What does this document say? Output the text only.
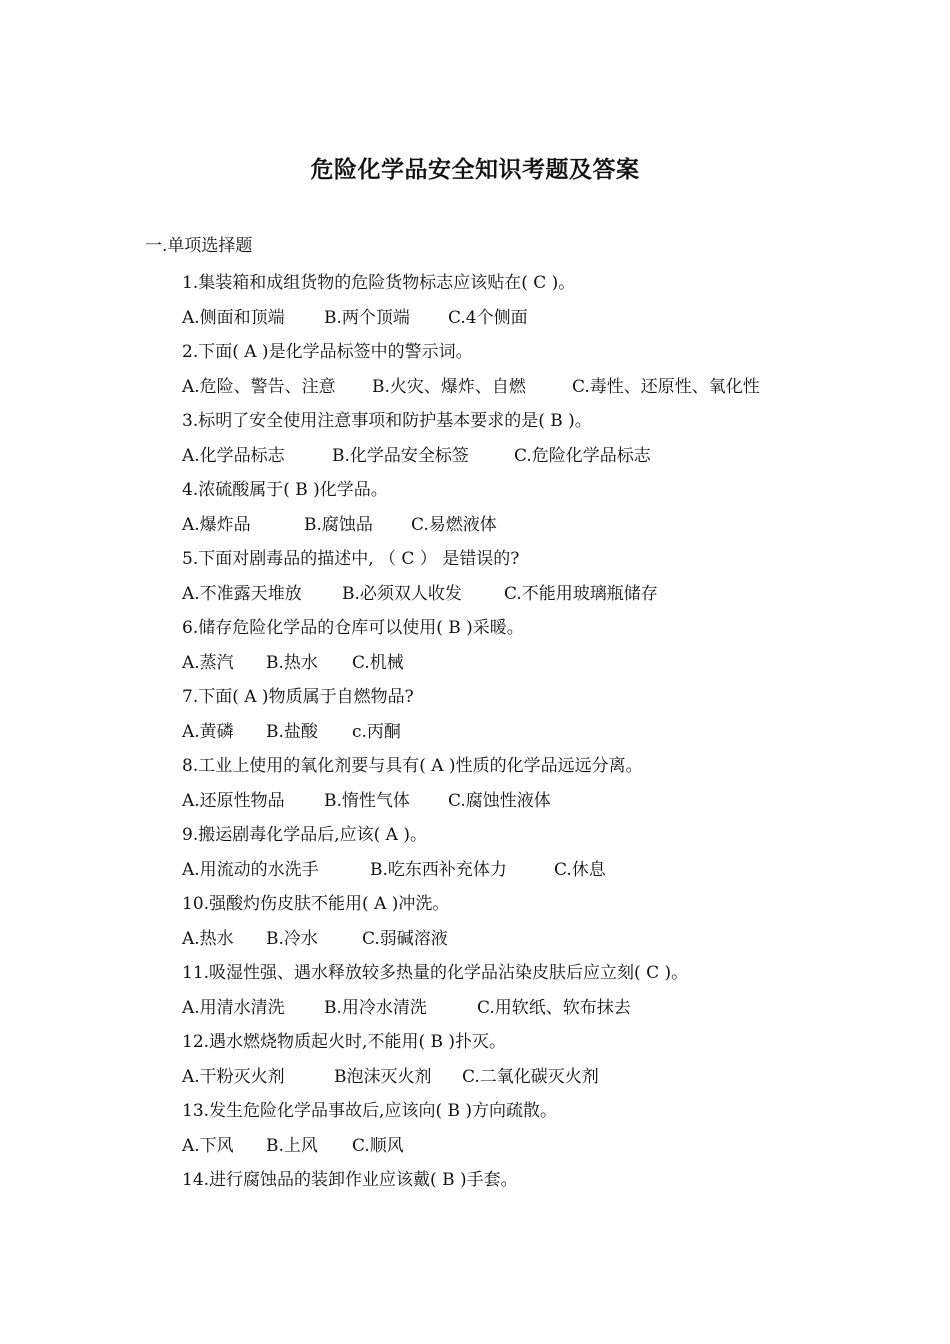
危险化学品安全知识考题及答案
一.单项选择题
1.集装箱和成组货物的危险货物标志应该贴在( C )。
A.侧面和顶端 B.两个顶端 C.4个侧面
2.下面( A )是化学品标签中的警示词。
A.危险、警告、注意 B.火灾、爆炸、自燃	C.毒性、还原性、氧化性
3.标明了安全使用注意事项和防护基本要求的是( B )。
A.化学品标志	B.化学品安全标签	C.危险化学品标志
4.浓硫酸属于( B )化学品。
A.爆炸品	B.腐蚀品 C.易燃液体
5.下面对剧毒品的描述中, （ C ） 是错误的?
A.不准露天堆放 B.必须双人收发 C.不能用玻璃瓶储存
6.储存危险化学品的仓库可以使用( B )采暖。
A.蒸汽 B.热水 C.机械
7.下面( A )物质属于自燃物品?
A.黄磷 B.盐酸 c.丙酮
8.工业上使用的氧化剂要与具有( A )性质的化学品远远分离。
A.还原性物品 B.惰性气体 C.腐蚀性液体
9.搬运剧毒化学品后,应该( A )。
A.用流动的水洗手	B.吃东西补充体力	C.休息
10.强酸灼伤皮肤不能用( A )冲洗。
A.热水 B.冷水	C.弱碱溶液
11.吸湿性强、遇水释放较多热量的化学品沾染皮肤后应立刻( C )。
A.用清水清洗 B.用冷水清洗	C.用软纸、软布抹去
12.遇水燃烧物质起火时,不能用( B )扑灭。
A.干粉灭火剂	B泡沫灭火剂 C.二氧化碳灭火剂
13.发生危险化学品事故后,应该向( B )方向疏散。
A.下风 B.上风 C.顺风
14.进行腐蚀品的装卸作业应该戴( B )手套。
